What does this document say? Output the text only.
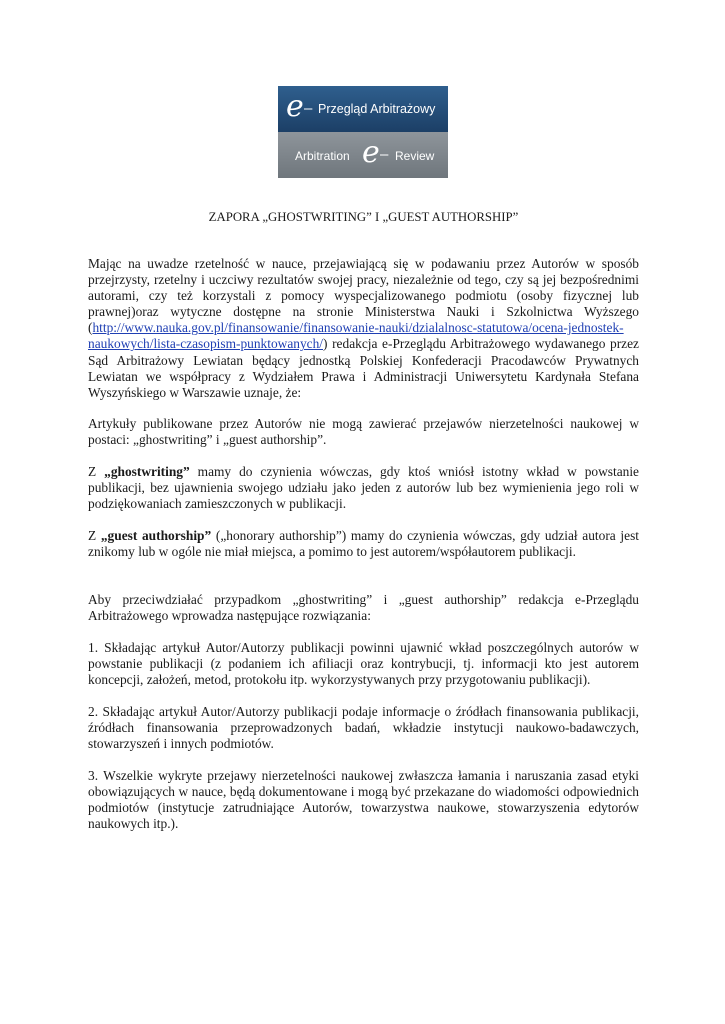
e – Przegląd Arbitrażowy
Arbitration e – Review
ZAPORA „GHOSTWRITING” I „GUEST AUTHORSHIP”

Mając na uwadze rzetelność w nauce, przejawiającą się w podawaniu przez Autorów w sposób przejrzysty, rzetelny i uczciwy rezultatów swojej pracy, niezależnie od tego, czy są jej bezpośrednimi autorami, czy też korzystali z pomocy wyspecjalizowanego podmiotu (osoby fizycznej lub prawnej)oraz wytyczne dostępne na stronie Ministerstwa Nauki i Szkolnictwa Wyższego (http://www.nauka.gov.pl/finansowanie/finansowanie-nauki/dzialalnosc-statutowa/ocena-jednostek-naukowych/lista-czasopism-punktowanych/) redakcja e-Przeglądu Arbitrażowego wydawanego przez Sąd Arbitrażowy Lewiatan będący jednostką Polskiej Konfederacji Pracodawców Prywatnych Lewiatan we współpracy z Wydziałem Prawa i Administracji Uniwersytetu Kardynała Stefana Wyszyńskiego w Warszawie uznaje, że:

Artykuły publikowane przez Autorów nie mogą zawierać przejawów nierzetelności naukowej w postaci: „ghostwriting” i „guest authorship”.

Z „ghostwriting” mamy do czynienia wówczas, gdy ktoś wniósł istotny wkład w powstanie publikacji, bez ujawnienia swojego udziału jako jeden z autorów lub bez wymienienia jego roli w podziękowaniach zamieszczonych w publikacji.

Z „guest authorship” („honorary authorship”) mamy do czynienia wówczas, gdy udział autora jest znikomy lub w ogóle nie miał miejsca, a pomimo to jest autorem/współautorem publikacji.

Aby przeciwdziałać przypadkom „ghostwriting” i „guest authorship” redakcja e-Przeglądu Arbitrażowego wprowadza następujące rozwiązania:

1. Składając artykuł Autor/Autorzy publikacji powinni ujawnić wkład poszczególnych autorów w powstanie publikacji (z podaniem ich afiliacji oraz kontrybucji, tj. informacji kto jest autorem koncepcji, założeń, metod, protokołu itp. wykorzystywanych przy przygotowaniu publikacji).

2. Składając artykuł Autor/Autorzy publikacji podaje informacje o źródłach finansowania publikacji, źródłach finansowania przeprowadzonych badań, wkładzie instytucji naukowo-badawczych, stowarzyszeń i innych podmiotów.

3. Wszelkie wykryte przejawy nierzetelności naukowej zwłaszcza łamania i naruszania zasad etyki obowiązujących w nauce, będą dokumentowane i mogą być przekazane do wiadomości odpowiednich podmiotów (instytucje zatrudniające Autorów, towarzystwa naukowe, stowarzyszenia edytorów naukowych itp.).
